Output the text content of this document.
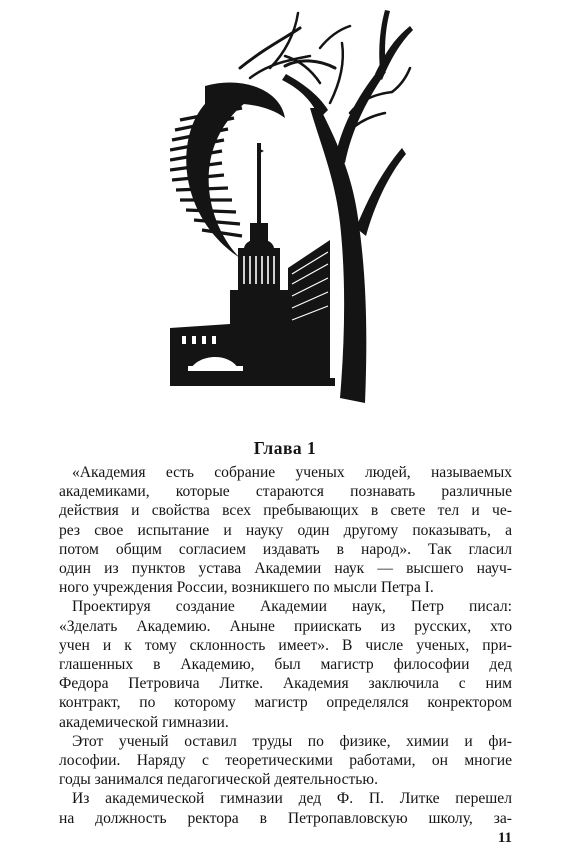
Глава 1
«Академия есть собрание ученых людей, называемых
академиками, которые стараются познавать различные
действия и свойства всех пребывающих в свете тел и че-
рез свое испытание и науку один другому показывать, а
потом общим согласием издавать в народ». Так гласил
один из пунктов устава Академии наук — высшего науч-
ного учреждения России, возникшего по мысли Петра I.
Проектируя создание Академии наук, Петр писал:
«Зделать Академию. Аныне приискать из русских, хто
учен и к тому склонность имеет». В числе ученых, при-
глашенных в Академию, был магистр философии дед
Федора Петровича Литке. Академия заключила с ним
контракт, по которому магистр определялся конректором
академической гимназии.
Этот ученый оставил труды по физике, химии и фи-
лософии. Наряду с теоретическими работами, он многие
годы занимался педагогической деятельностью.
Из академической гимназии дед Ф. П. Литке перешел
на должность ректора в Петропавловскую школу, за-
11
